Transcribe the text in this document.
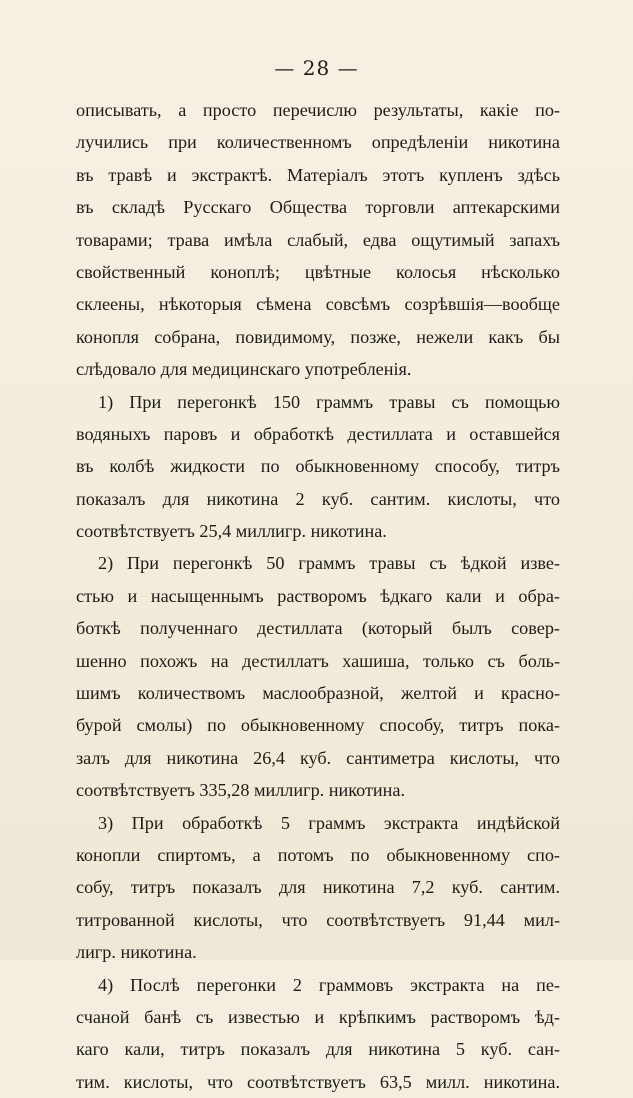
— 28 —
описывать, а просто перечислю результаты, какіе по-
лучились при количественномъ опредѣленіи никотина
въ травѣ и экстрактѣ. Матеріалъ этотъ купленъ здѣсь
въ складѣ Русскаго Общества торговли аптекарскими
товарами; трава имѣла слабый, едва ощутимый запахъ
свойственный коноплѣ; цвѣтные колосья нѣсколько
склеены, нѣкоторыя сѣмена совсѣмъ созрѣвшія—вообще
конопля собрана, повидимому, позже, нежели какъ бы
слѣдовало для медицинскаго употребленія.
1) При перегонкѣ 150 граммъ травы съ помощью
водяныхъ паровъ и обработкѣ дестиллата и оставшейся
въ колбѣ жидкости по обыкновенному способу, титръ
показалъ для никотина 2 куб. сантим. кислоты, что
соотвѣтствуетъ 25,4 миллигр. никотина.
2) При перегонкѣ 50 граммъ травы съ ѣдкой изве-
стью и насыщеннымъ растворомъ ѣдкаго кали и обра-
боткѣ полученнаго дестиллата (который былъ совер-
шенно похожъ на дестиллатъ хашиша, только съ боль-
шимъ количествомъ маслообразной, желтой и красно-
бурой смолы) по обыкновенному способу, титръ пока-
залъ для никотина 26,4 куб. сантиметра кислоты, что
соотвѣтствуетъ 335,28 миллигр. никотина.
3) При обработкѣ 5 граммъ экстракта индѣйской
конопли спиртомъ, а потомъ по обыкновенному спо-
собу, титръ показалъ для никотина 7,2 куб. сантим.
титрованной кислоты, что соотвѣтствуетъ 91,44 мил-
лигр. никотина.
4) Послѣ перегонки 2 граммовъ экстракта на пе-
счаной банѣ съ известью и крѣпкимъ растворомъ ѣд-
каго кали, титръ показалъ для никотина 5 куб. сан-
тим. кислоты, что соотвѣтствуетъ 63,5 милл. никотина.
